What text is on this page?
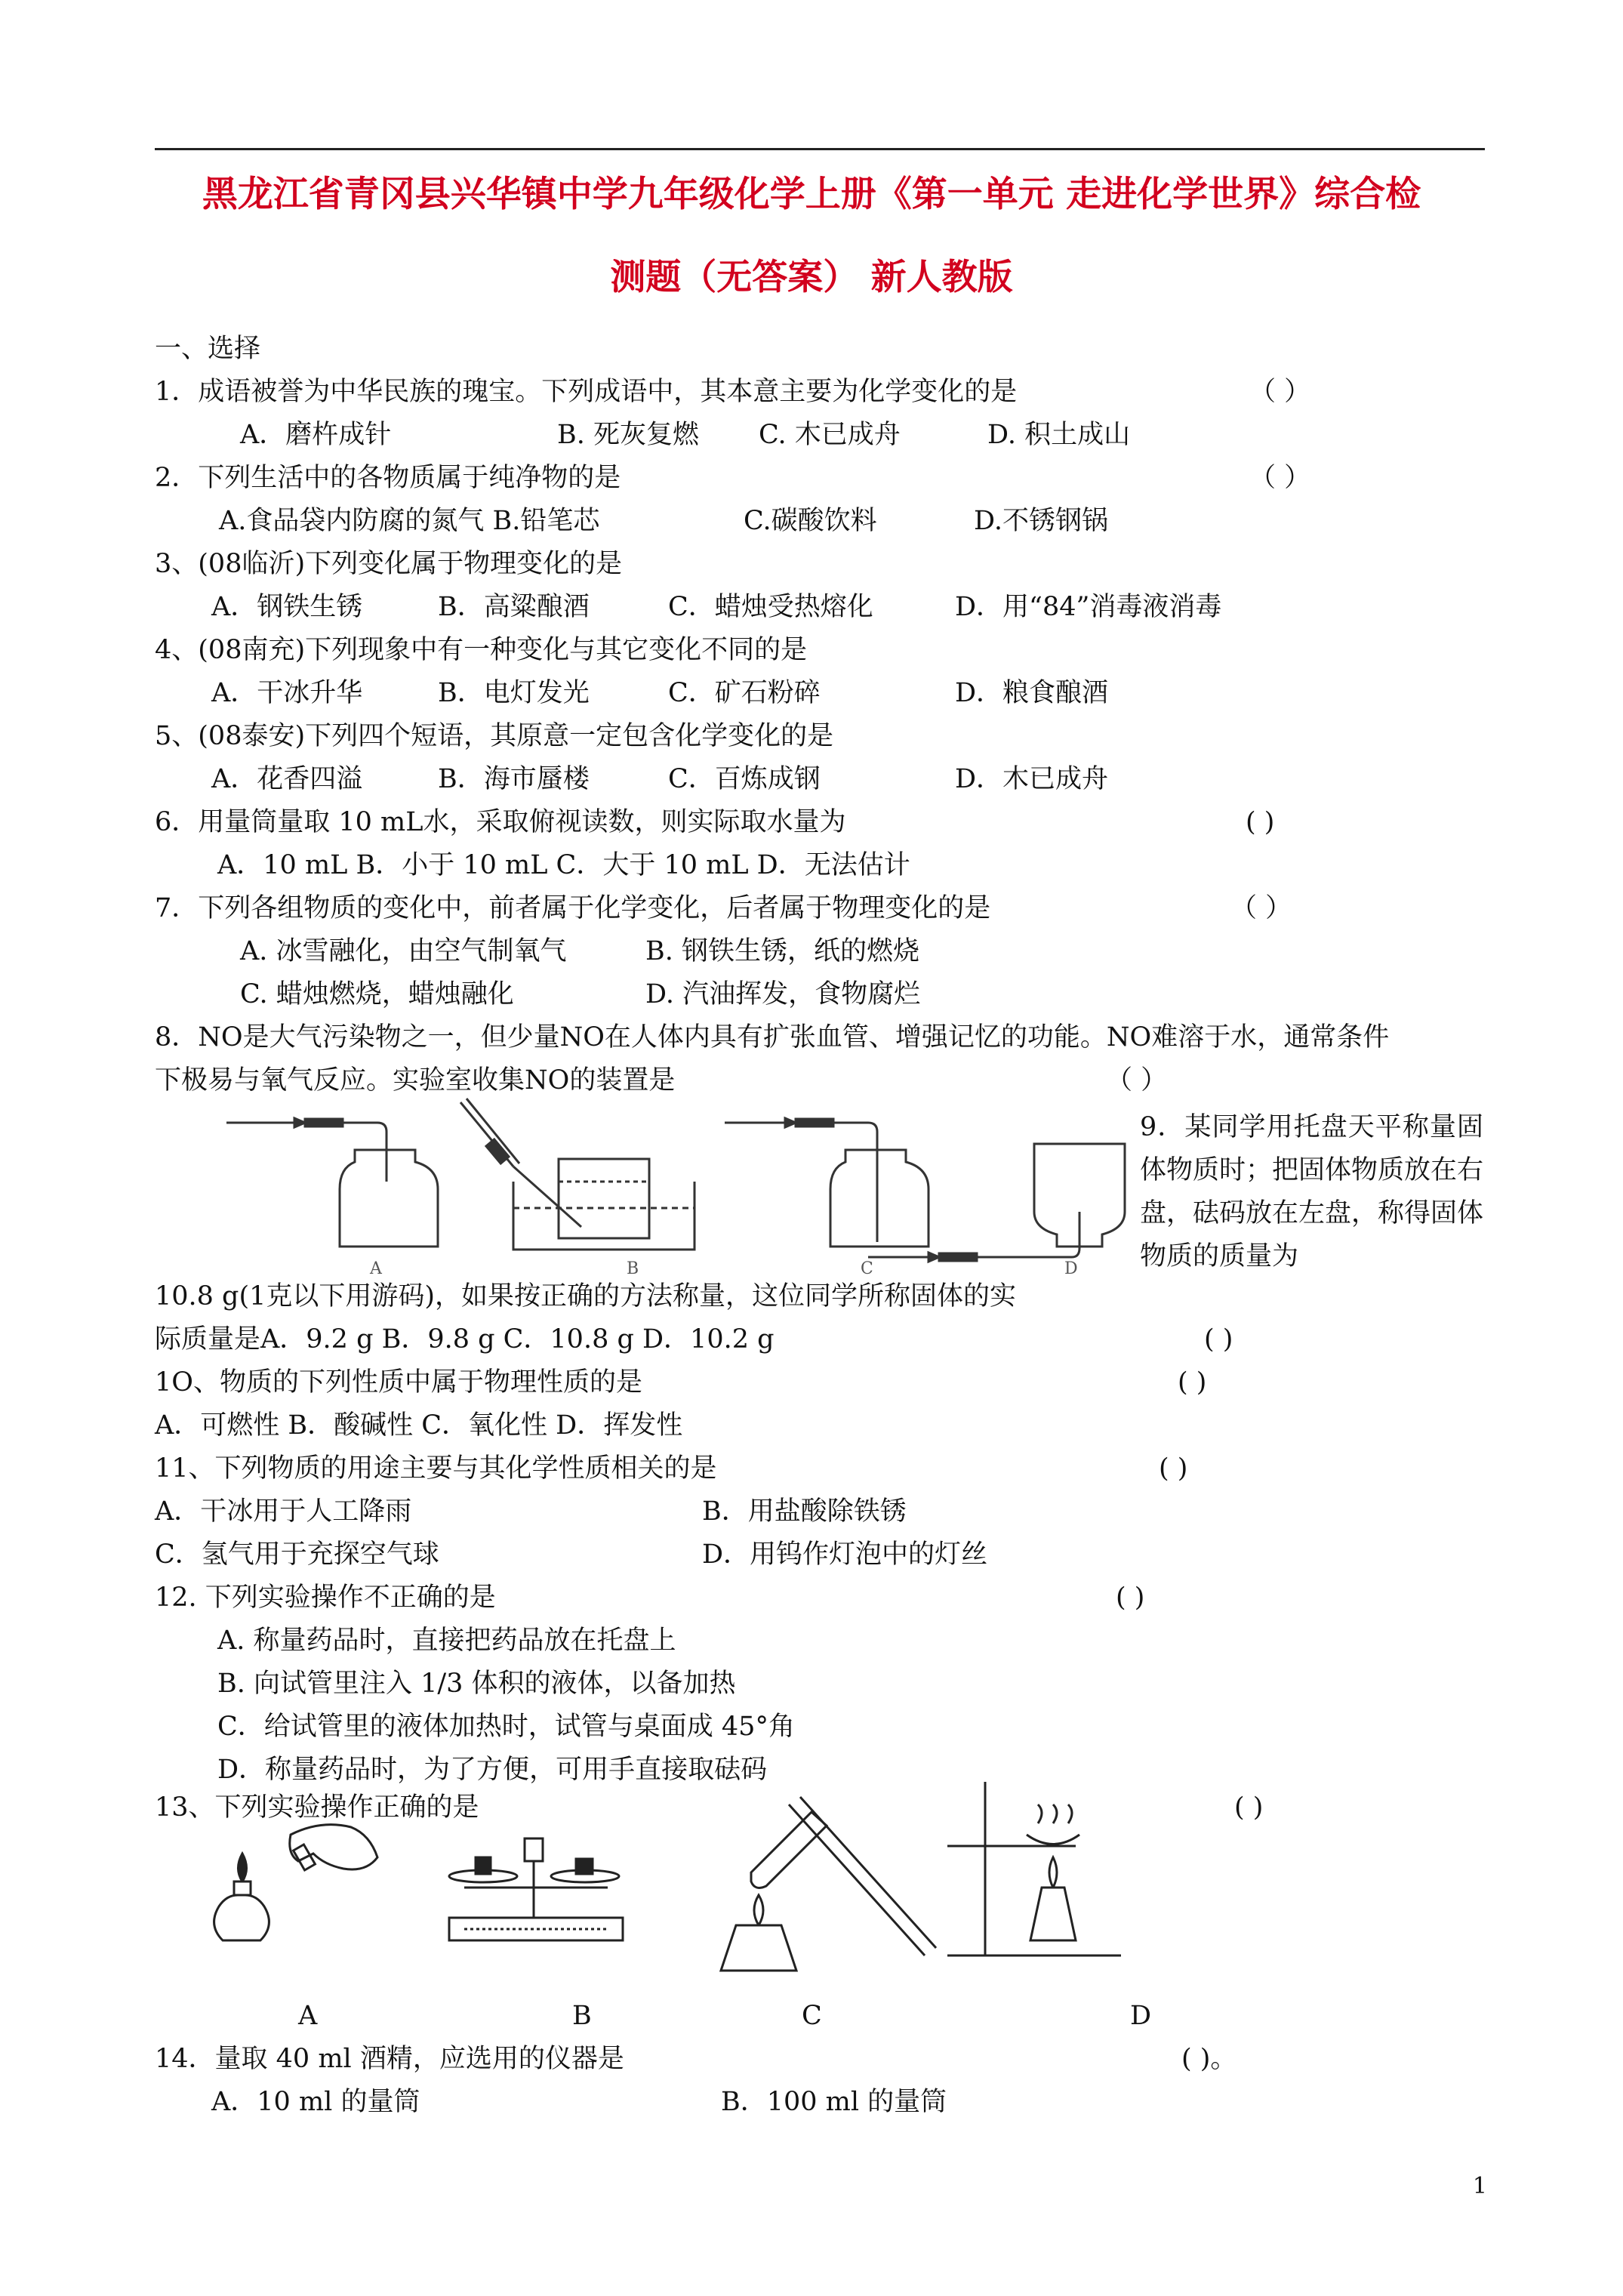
黑龙江省青冈县兴华镇中学九年级化学上册《第一单元 走进化学世界》综合检
测题（无答案） 新人教版
一、选择
1．成语被誉为中华民族的瑰宝。下列成语中，其本意主要为化学变化的是	（ ）
A．磨杵成针	B. 死灰复燃 C. 木已成舟	D. 积土成山
2．下列生活中的各物质属于纯净物的是	（ ）
A.食品袋内防腐的氮气 B.铅笔芯	C.碳酸饮料	D.不锈钢锅
3、(08临沂)下列变化属于物理变化的是
A．钢铁生锈	B．高粱酿酒	C．蜡烛受热熔化	D．用“84”消毒液消毒
4、(08南充)下列现象中有一种变化与其它变化不同的是
A．干冰升华	B．电灯发光	C．矿石粉碎	D．粮食酿酒
5、(08泰安)下列四个短语，其原意一定包含化学变化的是
A．花香四溢	B．海市蜃楼	C．百炼成钢	D．木已成舟
6．用量筒量取 10 mL水，采取俯视读数，则实际取水量为	( )
A．10 mL B．小于 10 mL C．大于 10 mL D．无法估计
7．下列各组物质的变化中，前者属于化学变化，后者属于物理变化的是	（ ）
A. 冰雪融化，由空气制氧气	B. 钢铁生锈，纸的燃烧
C. 蜡烛燃烧，蜡烛融化	D. 汽油挥发，食物腐烂
8．NO是大气污染物之一，但少量NO在人体内具有扩张血管、增强记忆的功能。NO难溶于水，通常条件
下极易与氧气反应。实验室收集NO的装置是	（ ）
A	B	C	D
9．某同学用托盘天平称量固体物质时；把固体物质放在右盘，砝码放在左盘，称得固体物质的质量为
10.8 g(1克以下用游码)，如果按正确的方法称量，这位同学所称固体的实
际质量是A．9.2 g B．9.8 g C．10.8 g D．10.2 g	( )
1O、物质的下列性质中属于物理性质的是	( )
A．可燃性 B．酸碱性 C．氧化性 D．挥发性
11、下列物质的用途主要与其化学性质相关的是	( )
A．干冰用于人工降雨	B．用盐酸除铁锈
C．氢气用于充探空气球	D．用钨作灯泡中的灯丝
12. 下列实验操作不正确的是	( )
A. 称量药品时，直接把药品放在托盘上
B. 向试管里注入 1/3 体积的液体，以备加热
C．给试管里的液体加热时，试管与桌面成 45°角
D．称量药品时，为了方便，可用手直接取砝码
13、下列实验操作正确的是	( )
A	B	C	D
14．量取 40 ml 酒精，应选用的仪器是	( )。
A．10 ml 的量筒	B．100 ml 的量筒
1
